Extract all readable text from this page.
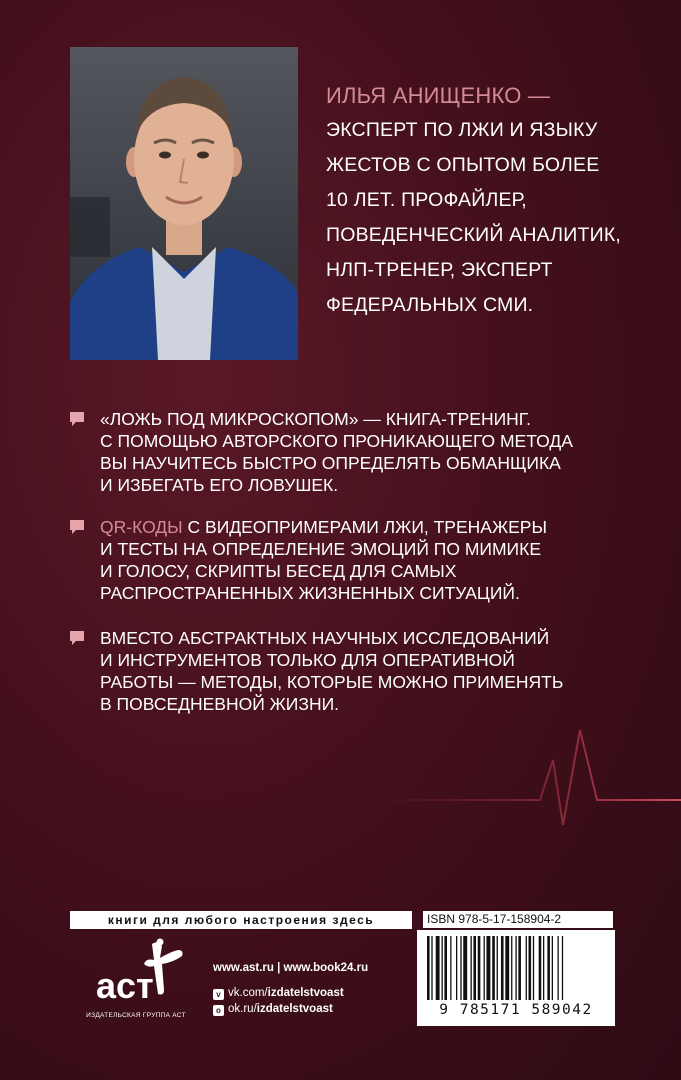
ИЛЬЯ АНИЩЕНКО —
ЭКСПЕРТ ПО ЛЖИ И ЯЗЫКУ
ЖЕСТОВ С ОПЫТОМ БОЛЕЕ
10 ЛЕТ. ПРОФАЙЛЕР,
ПОВЕДЕНЧЕСКИЙ АНАЛИТИК,
НЛП-ТРЕНЕР, ЭКСПЕРТ
ФЕДЕРАЛЬНЫХ СМИ.
«ЛОЖЬ ПОД МИКРОСКОПОМ» — КНИГА-ТРЕНИНГ.
С ПОМОЩЬЮ АВТОРСКОГО ПРОНИКАЮЩЕГО МЕТОДА
ВЫ НАУЧИТЕСЬ БЫСТРО ОПРЕДЕЛЯТЬ ОБМАНЩИКА
И ИЗБЕГАТЬ ЕГО ЛОВУШЕК.
QR-КОДЫ С ВИДЕОПРИМЕРАМИ ЛЖИ, ТРЕНАЖЕРЫ
И ТЕСТЫ НА ОПРЕДЕЛЕНИЕ ЭМОЦИЙ ПО МИМИКЕ
И ГОЛОСУ, СКРИПТЫ БЕСЕД ДЛЯ САМЫХ
РАСПРОСТРАНЕННЫХ ЖИЗНЕННЫХ СИТУАЦИЙ.
ВМЕСТО АБСТРАКТНЫХ НАУЧНЫХ ИССЛЕДОВАНИЙ
И ИНСТРУМЕНТОВ ТОЛЬКО ДЛЯ ОПЕРАТИВНОЙ
РАБОТЫ — МЕТОДЫ, КОТОРЫЕ МОЖНО ПРИМЕНЯТЬ
В ПОВСЕДНЕВНОЙ ЖИЗНИ.
книги для любого настроения здесь
аст
ИЗДАТЕЛЬСКАЯ ГРУППА АСТ
www.ast.ru | www.book24.ru
v vk.com/izdatelstvoast
o ok.ru/izdatelstvoast
ISBN 978-5-17-158904-2
9 785171 589042
